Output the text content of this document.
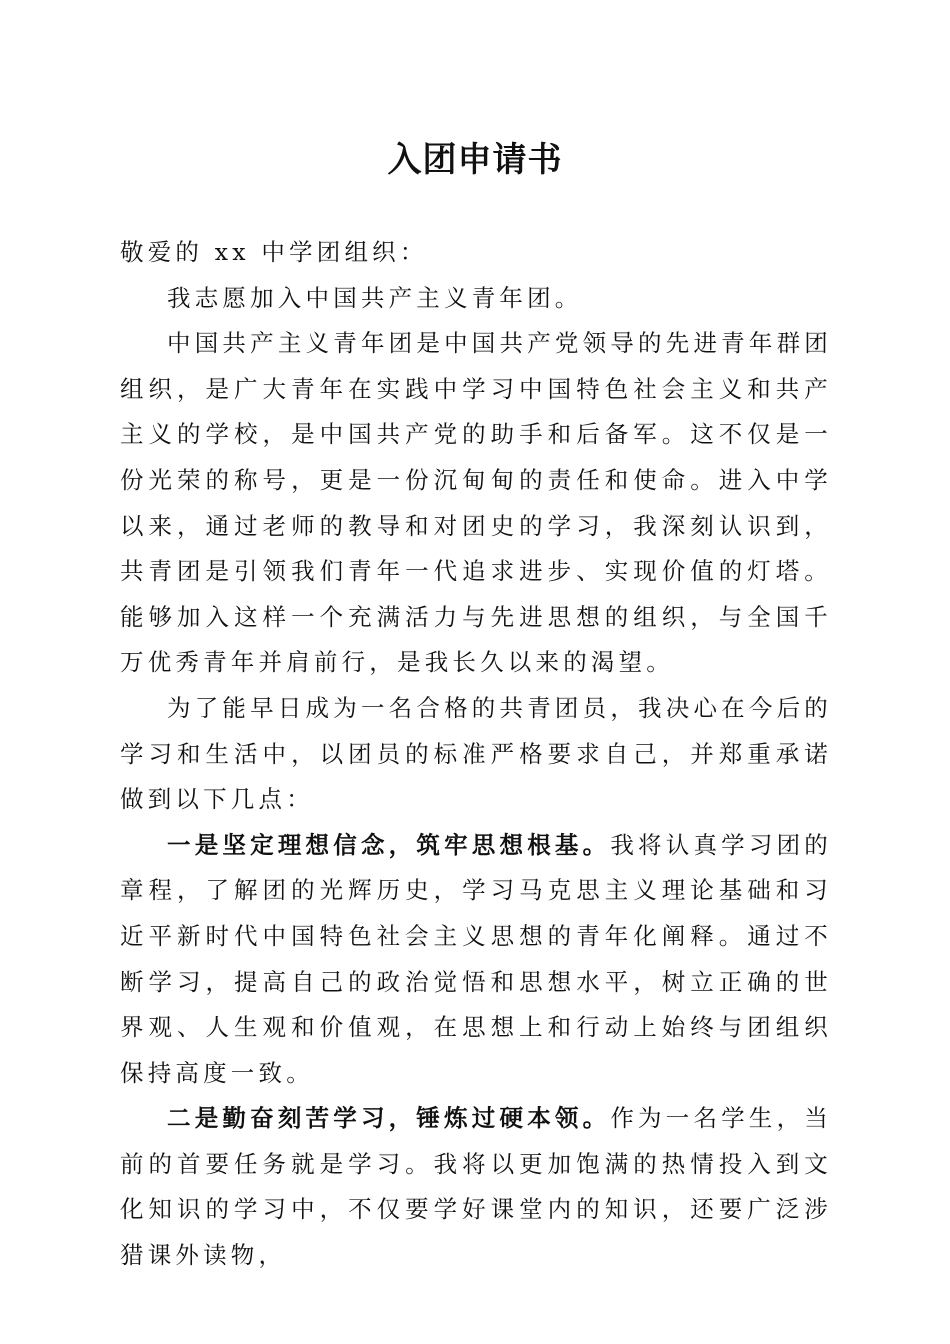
入团申请书

敬爱的 xx 中学团组织：

我志愿加入中国共产主义青年团。

中国共产主义青年团是中国共产党领导的先进青年群团组织，是广大青年在实践中学习中国特色社会主义和共产主义的学校，是中国共产党的助手和后备军。这不仅是一份光荣的称号，更是一份沉甸甸的责任和使命。进入中学以来，通过老师的教导和对团史的学习，我深刻认识到，共青团是引领我们青年一代追求进步、实现价值的灯塔。能够加入这样一个充满活力与先进思想的组织，与全国千万优秀青年并肩前行，是我长久以来的渴望。

为了能早日成为一名合格的共青团员，我决心在今后的学习和生活中，以团员的标准严格要求自己，并郑重承诺做到以下几点：

一是坚定理想信念，筑牢思想根基。我将认真学习团的章程，了解团的光辉历史，学习马克思主义理论基础和习近平新时代中国特色社会主义思想的青年化阐释。通过不断学习，提高自己的政治觉悟和思想水平，树立正确的世界观、人生观和价值观，在思想上和行动上始终与团组织保持高度一致。

二是勤奋刻苦学习，锤炼过硬本领。作为一名学生，当前的首要任务就是学习。我将以更加饱满的热情投入到文化知识的学习中，不仅要学好课堂内的知识，还要广泛涉猎课外读物，
